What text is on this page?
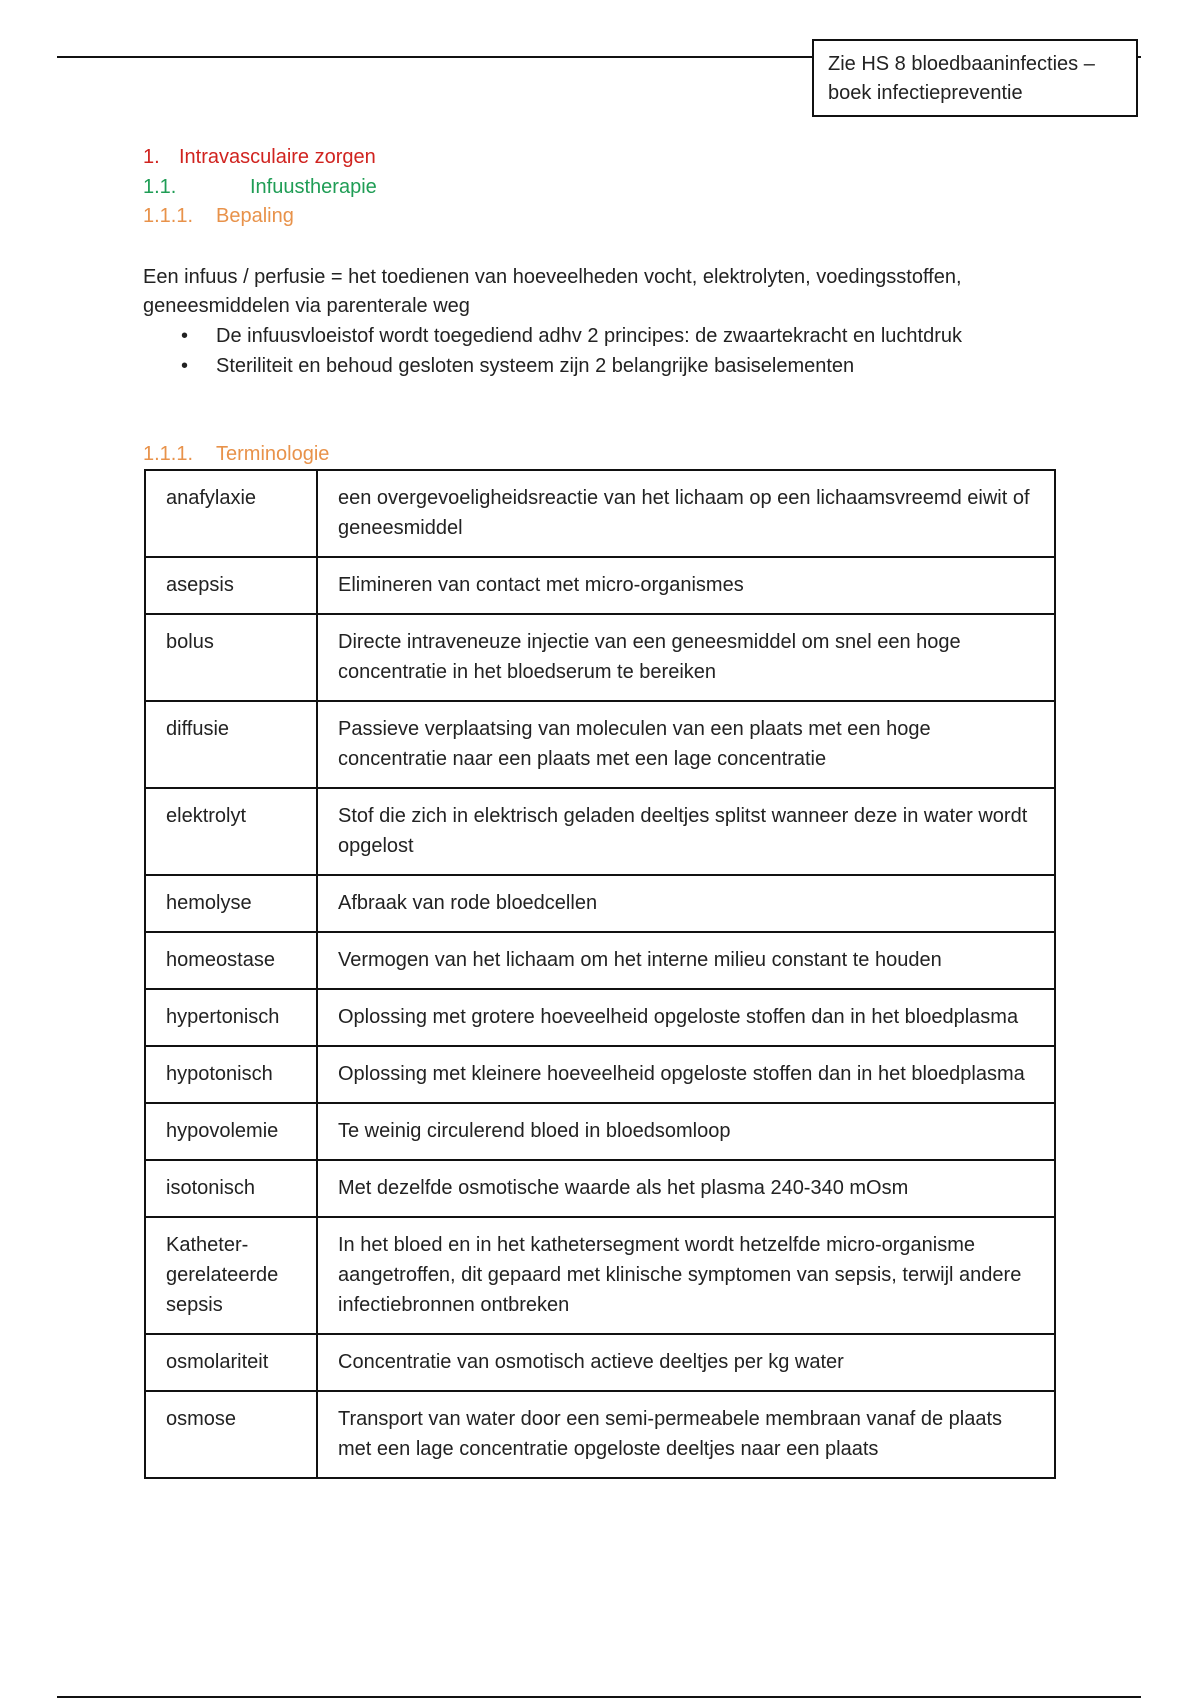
Zie HS 8 bloedbaaninfecties –
boek infectiepreventie
1. Intravasculaire zorgen
1.1.	Infuustherapie
1.1.1. Bepaling
Een infuus / perfusie = het toedienen van hoeveelheden vocht, elektrolyten, voedingsstoffen, geneesmiddelen via parenterale weg
• De infuusvloeistof wordt toegediend adhv 2 principes: de zwaartekracht en luchtdruk
• Steriliteit en behoud gesloten systeem zijn 2 belangrijke basiselementen
1.1.1. Terminologie
anafylaxie	een overgevoeligheidsreactie van het lichaam op een lichaamsvreemd eiwit of geneesmiddel
asepsis	Elimineren van contact met micro-organismes
bolus	Directe intraveneuze injectie van een geneesmiddel om snel een hoge concentratie in het bloedserum te bereiken
diffusie	Passieve verplaatsing van moleculen van een plaats met een hoge concentratie naar een plaats met een lage concentratie
elektrolyt	Stof die zich in elektrisch geladen deeltjes splitst wanneer deze in water wordt opgelost
hemolyse	Afbraak van rode bloedcellen
homeostase	Vermogen van het lichaam om het interne milieu constant te houden
hypertonisch	Oplossing met grotere hoeveelheid opgeloste stoffen dan in het bloedplasma
hypotonisch	Oplossing met kleinere hoeveelheid opgeloste stoffen dan in het bloedplasma
hypovolemie	Te weinig circulerend bloed in bloedsomloop
isotonisch	Met dezelfde osmotische waarde als het plasma 240-340 mOsm
Katheter-gerelateerde sepsis	In het bloed en in het kathetersegment wordt hetzelfde micro-organisme aangetroffen, dit gepaard met klinische symptomen van sepsis, terwijl andere infectiebronnen ontbreken
osmolariteit	Concentratie van osmotisch actieve deeltjes per kg water
osmose	Transport van water door een semi-permeabele membraan vanaf de plaats met een lage concentratie opgeloste deeltjes naar een plaats
